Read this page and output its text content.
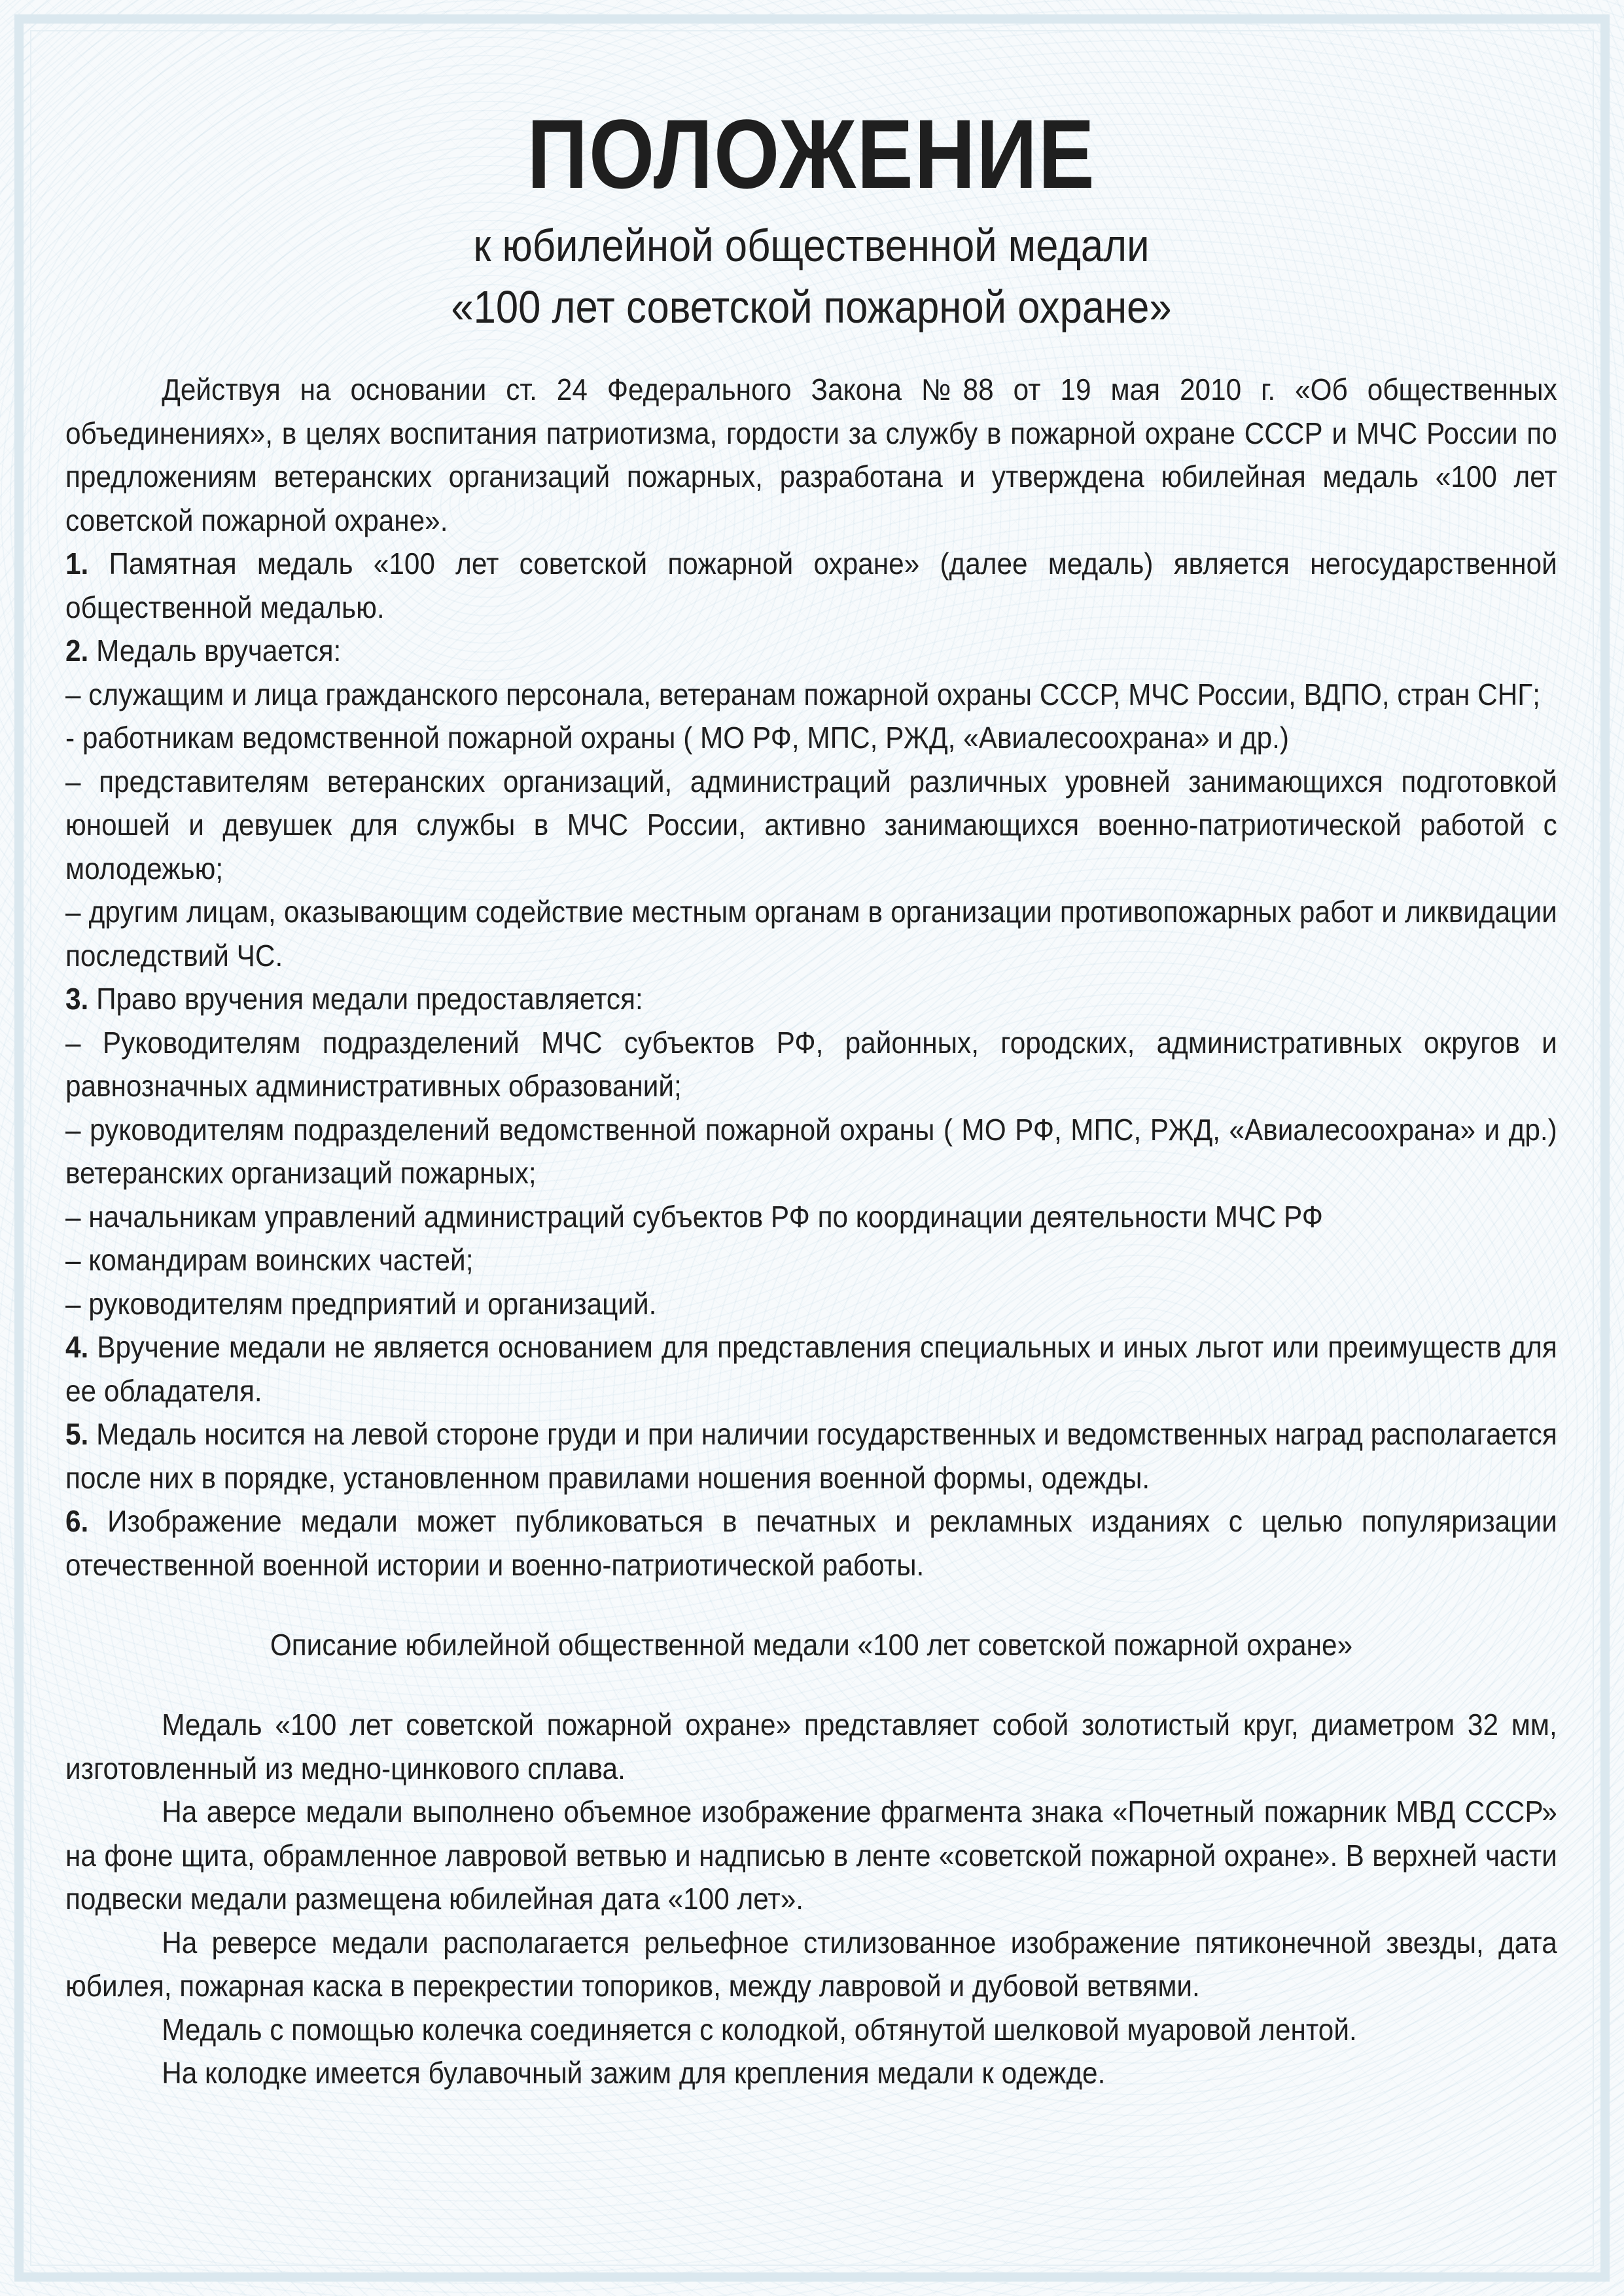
ПОЛОЖЕНИЕ
к юбилейной общественной медали
«100 лет советской пожарной охране»

Действуя на основании ст. 24 Федерального Закона №88 от 19 мая 2010 г. «Об общественных объединениях», в целях воспитания патриотизма, гордости за службу в пожарной охране СССР и МЧС России по предложениям ветеранских организаций пожарных, разработана и утверждена юбилейная медаль «100 лет советской пожарной охране».

1. Памятная медаль «100 лет советской пожарной охране» (далее медаль) является негосударственной общественной медалью.

2. Медаль вручается:

– служащим и лица гражданского персонала, ветеранам пожарной охраны СССР, МЧС России, ВДПО, стран СНГ;

- работникам ведомственной пожарной охраны ( МО РФ, МПС, РЖД, «Авиалесоохрана» и др.)

– представителям ветеранских организаций, администраций различных уровней занимающихся подготовкой юношей и девушек для службы в МЧС России, активно занимающихся военно-патриотической работой с молодежью;

– другим лицам, оказывающим содействие местным органам в организации противопожарных работ и ликвидации последствий ЧС.

3. Право вручения медали предоставляется:

– Руководителям подразделений МЧС субъектов РФ, районных, городских, административных округов и равнозначных административных образований;

– руководителям подразделений ведомственной пожарной охраны ( МО РФ, МПС, РЖД, «Авиалесоохрана» и др.) ветеранских организаций пожарных;

– начальникам управлений администраций субъектов РФ по координации деятельности МЧС РФ

– командирам воинских частей;

– руководителям предприятий и организаций.

4. Вручение медали не является основанием для представления специальных и иных льгот или преимуществ для ее обладателя.

5. Медаль носится на левой стороне груди и при наличии государственных и ведомственных наград располагается после них в порядке, установленном правилами ношения военной формы, одежды.

6. Изображение медали может публиковаться в печатных и рекламных изданиях с целью популяризации отечественной военной истории и военно-патриотической работы.

Описание юбилейной общественной медали «100 лет советской пожарной охране»

Медаль «100 лет советской пожарной охране» представляет собой золотистый круг, диаметром 32 мм, изготовленный из медно-цинкового сплава.

На аверсе медали выполнено объемное изображение фрагмента знака «Почетный пожарник МВД СССР» на фоне щита, обрамленное лавровой ветвью и надписью в ленте «советской пожарной охране». В верхней части подвески медали размещена юбилейная дата «100 лет».

На реверсе медали располагается рельефное стилизованное изображение пятиконечной звезды, дата юбилея, пожарная каска в перекрестии топориков, между лавровой и дубовой ветвями.

Медаль с помощью колечка соединяется с колодкой, обтянутой шелковой муаровой лентой.

На колодке имеется булавочный зажим для крепления медали к одежде.
